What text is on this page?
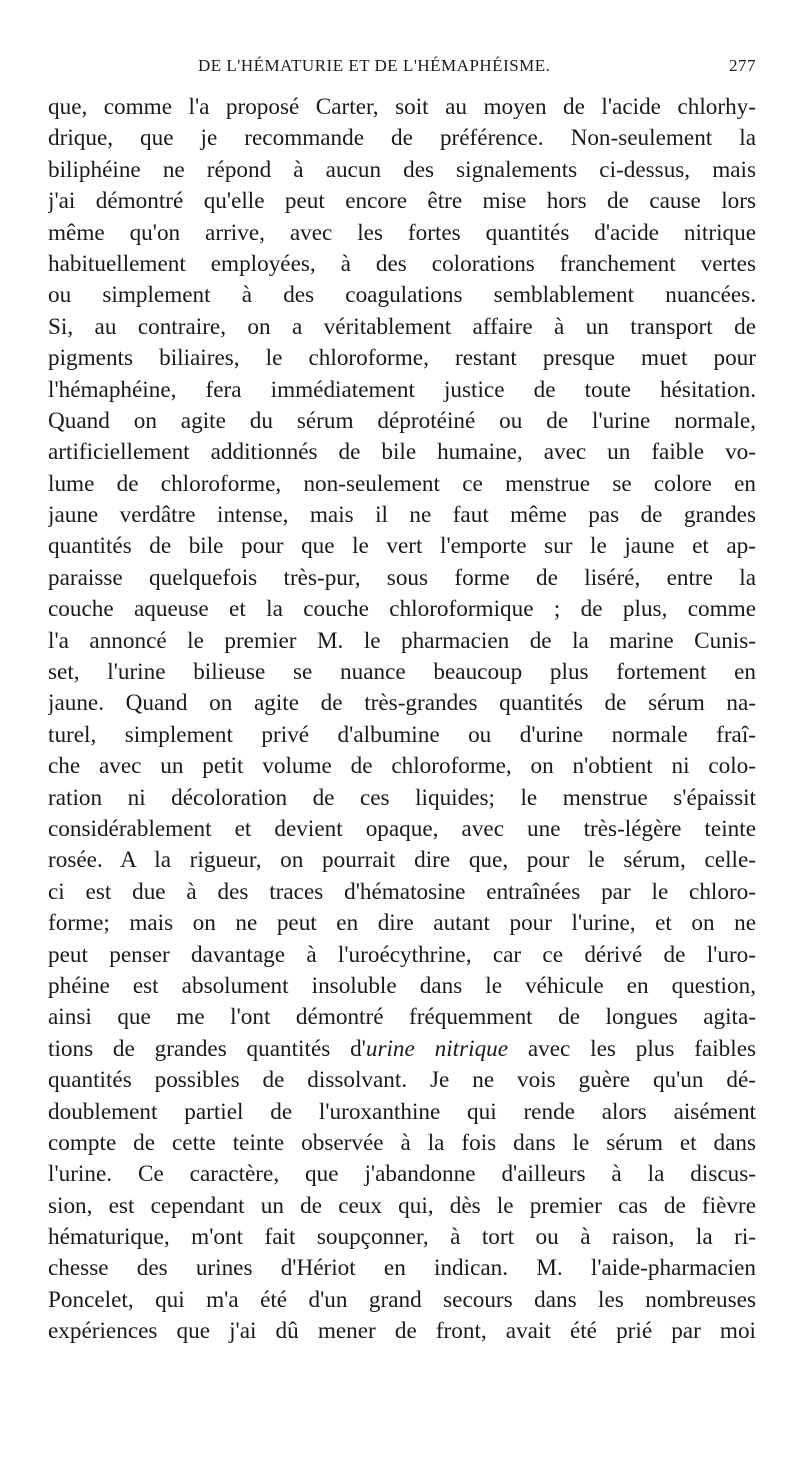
DE L'HÉMATURIE ET DE L'HÉMAPHÉISME.	277
que, comme l'a proposé Carter, soit au moyen de l'acide chlorhy-
drique, que je recommande de préférence. Non-seulement la
biliphéine ne répond à aucun des signalements ci-dessus, mais
j'ai démontré qu'elle peut encore être mise hors de cause lors
même qu'on arrive, avec les fortes quantités d'acide nitrique
habituellement employées, à des colorations franchement vertes
ou simplement à des coagulations semblablement nuancées.
Si, au contraire, on a véritablement affaire à un transport de
pigments biliaires, le chloroforme, restant presque muet pour
l'hémaphéine, fera immédiatement justice de toute hésitation.
Quand on agite du sérum déprotéiné ou de l'urine normale,
artificiellement additionnés de bile humaine, avec un faible vo-
lume de chloroforme, non-seulement ce menstrue se colore en
jaune verdâtre intense, mais il ne faut même pas de grandes
quantités de bile pour que le vert l'emporte sur le jaune et ap-
paraisse quelquefois très-pur, sous forme de liséré, entre la
couche aqueuse et la couche chloroformique ; de plus, comme
l'a annoncé le premier M. le pharmacien de la marine Cunis-
set, l'urine bilieuse se nuance beaucoup plus fortement en
jaune. Quand on agite de très-grandes quantités de sérum na-
turel, simplement privé d'albumine ou d'urine normale fraî-
che avec un petit volume de chloroforme, on n'obtient ni colo-
ration ni décoloration de ces liquides; le menstrue s'épaissit
considérablement et devient opaque, avec une très-légère teinte
rosée. A la rigueur, on pourrait dire que, pour le sérum, celle-
ci est due à des traces d'hématosine entraînées par le chloro-
forme; mais on ne peut en dire autant pour l'urine, et on ne
peut penser davantage à l'uroécythrine, car ce dérivé de l'uro-
phéine est absolument insoluble dans le véhicule en question,
ainsi que me l'ont démontré fréquemment de longues agita-
tions de grandes quantités d'urine nitrique avec les plus faibles
quantités possibles de dissolvant. Je ne vois guère qu'un dé-
doublement partiel de l'uroxanthine qui rende alors aisément
compte de cette teinte observée à la fois dans le sérum et dans
l'urine. Ce caractère, que j'abandonne d'ailleurs à la discus-
sion, est cependant un de ceux qui, dès le premier cas de fièvre
hématurique, m'ont fait soupçonner, à tort ou à raison, la ri-
chesse des urines d'Hériot en indican. M. l'aide-pharmacien
Poncelet, qui m'a été d'un grand secours dans les nombreuses
expériences que j'ai dû mener de front, avait été prié par moi
